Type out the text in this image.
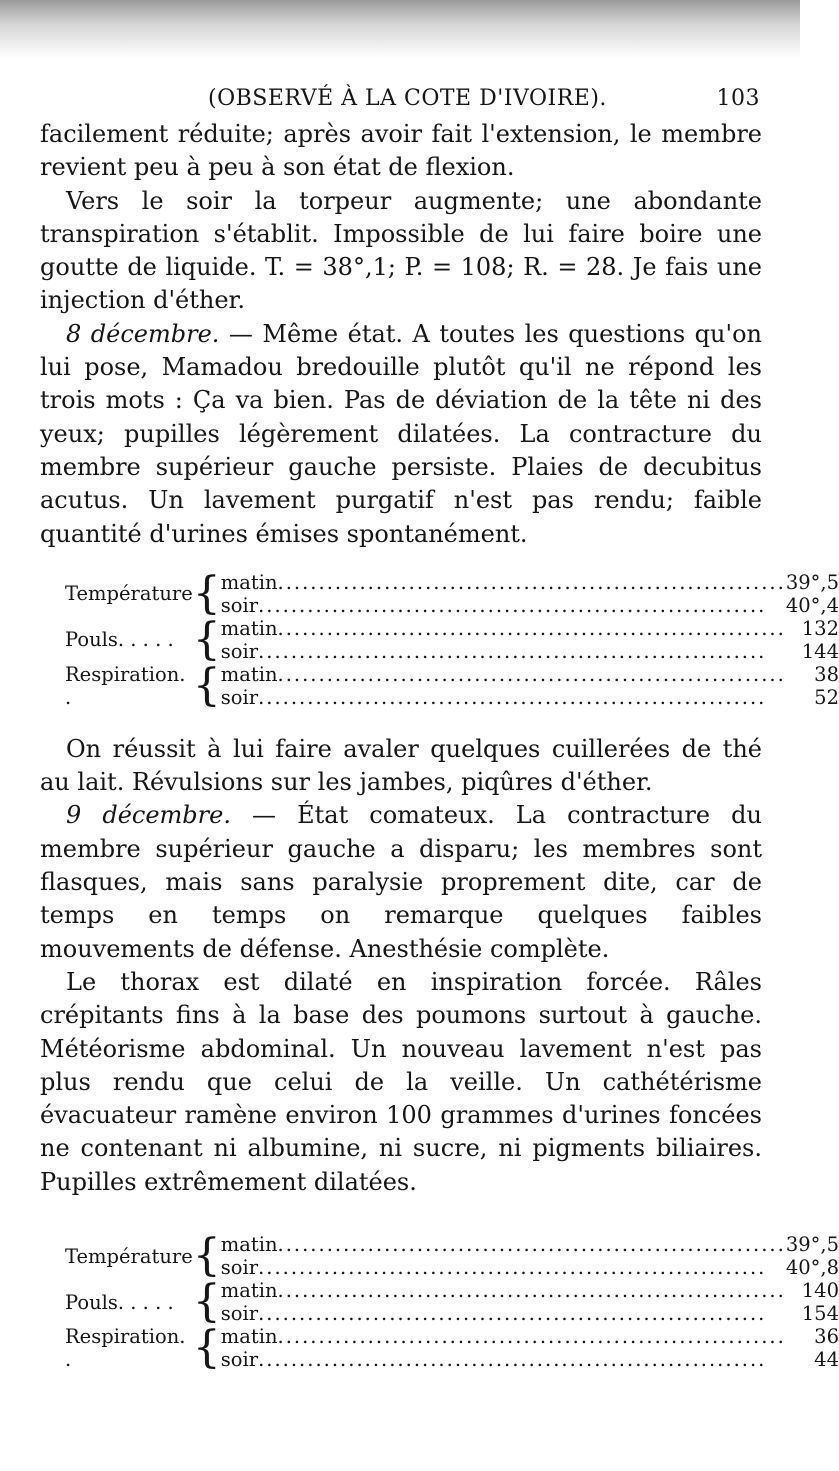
(OBSERVÉ À LA COTE D'IVOIRE).	103

facilement réduite; après avoir fait l'extension, le membre revient peu à peu à son état de flexion.

Vers le soir la torpeur augmente; une abondante transpiration s'établit. Impossible de lui faire boire une goutte de liquide. T. = 38°,1; P. = 108; R. = 28. Je fais une injection d'éther.

8 décembre. — Même état. A toutes les questions qu'on lui pose, Mamadou bredouille plutôt qu'il ne répond les trois mots : Ça va bien. Pas de déviation de la tête ni des yeux; pupilles légèrement dilatées. La contracture du membre supérieur gauche persiste. Plaies de decubitus acutus. Un lavement purgatif n'est pas rendu; faible quantité d'urines émises spontanément.

Température	{	matin..............................................................	39°,5
		soir..............................................................	40°,4
Pouls. . . . .	{	matin..............................................................	132
		soir..............................................................	144
Respiration. .	{	matin..............................................................	38
		soir..............................................................	52

On réussit à lui faire avaler quelques cuillerées de thé au lait. Révulsions sur les jambes, piqûres d'éther.

9 décembre. — État comateux. La contracture du membre supérieur gauche a disparu; les membres sont flasques, mais sans paralysie proprement dite, car de temps en temps on remarque quelques faibles mouvements de défense. Anesthésie complète.

Le thorax est dilaté en inspiration forcée. Râles crépitants fins à la base des poumons surtout à gauche. Météorisme abdominal. Un nouveau lavement n'est pas plus rendu que celui de la veille. Un cathétérisme évacuateur ramène environ 100 grammes d'urines foncées ne contenant ni albumine, ni sucre, ni pigments biliaires. Pupilles extrêmement dilatées.

Température	{	matin..............................................................	39°,5
		soir..............................................................	40°,8
Pouls. . . . .	{	matin..............................................................	140
		soir..............................................................	154
Respiration. .	{	matin..............................................................	36
		soir..............................................................	44
